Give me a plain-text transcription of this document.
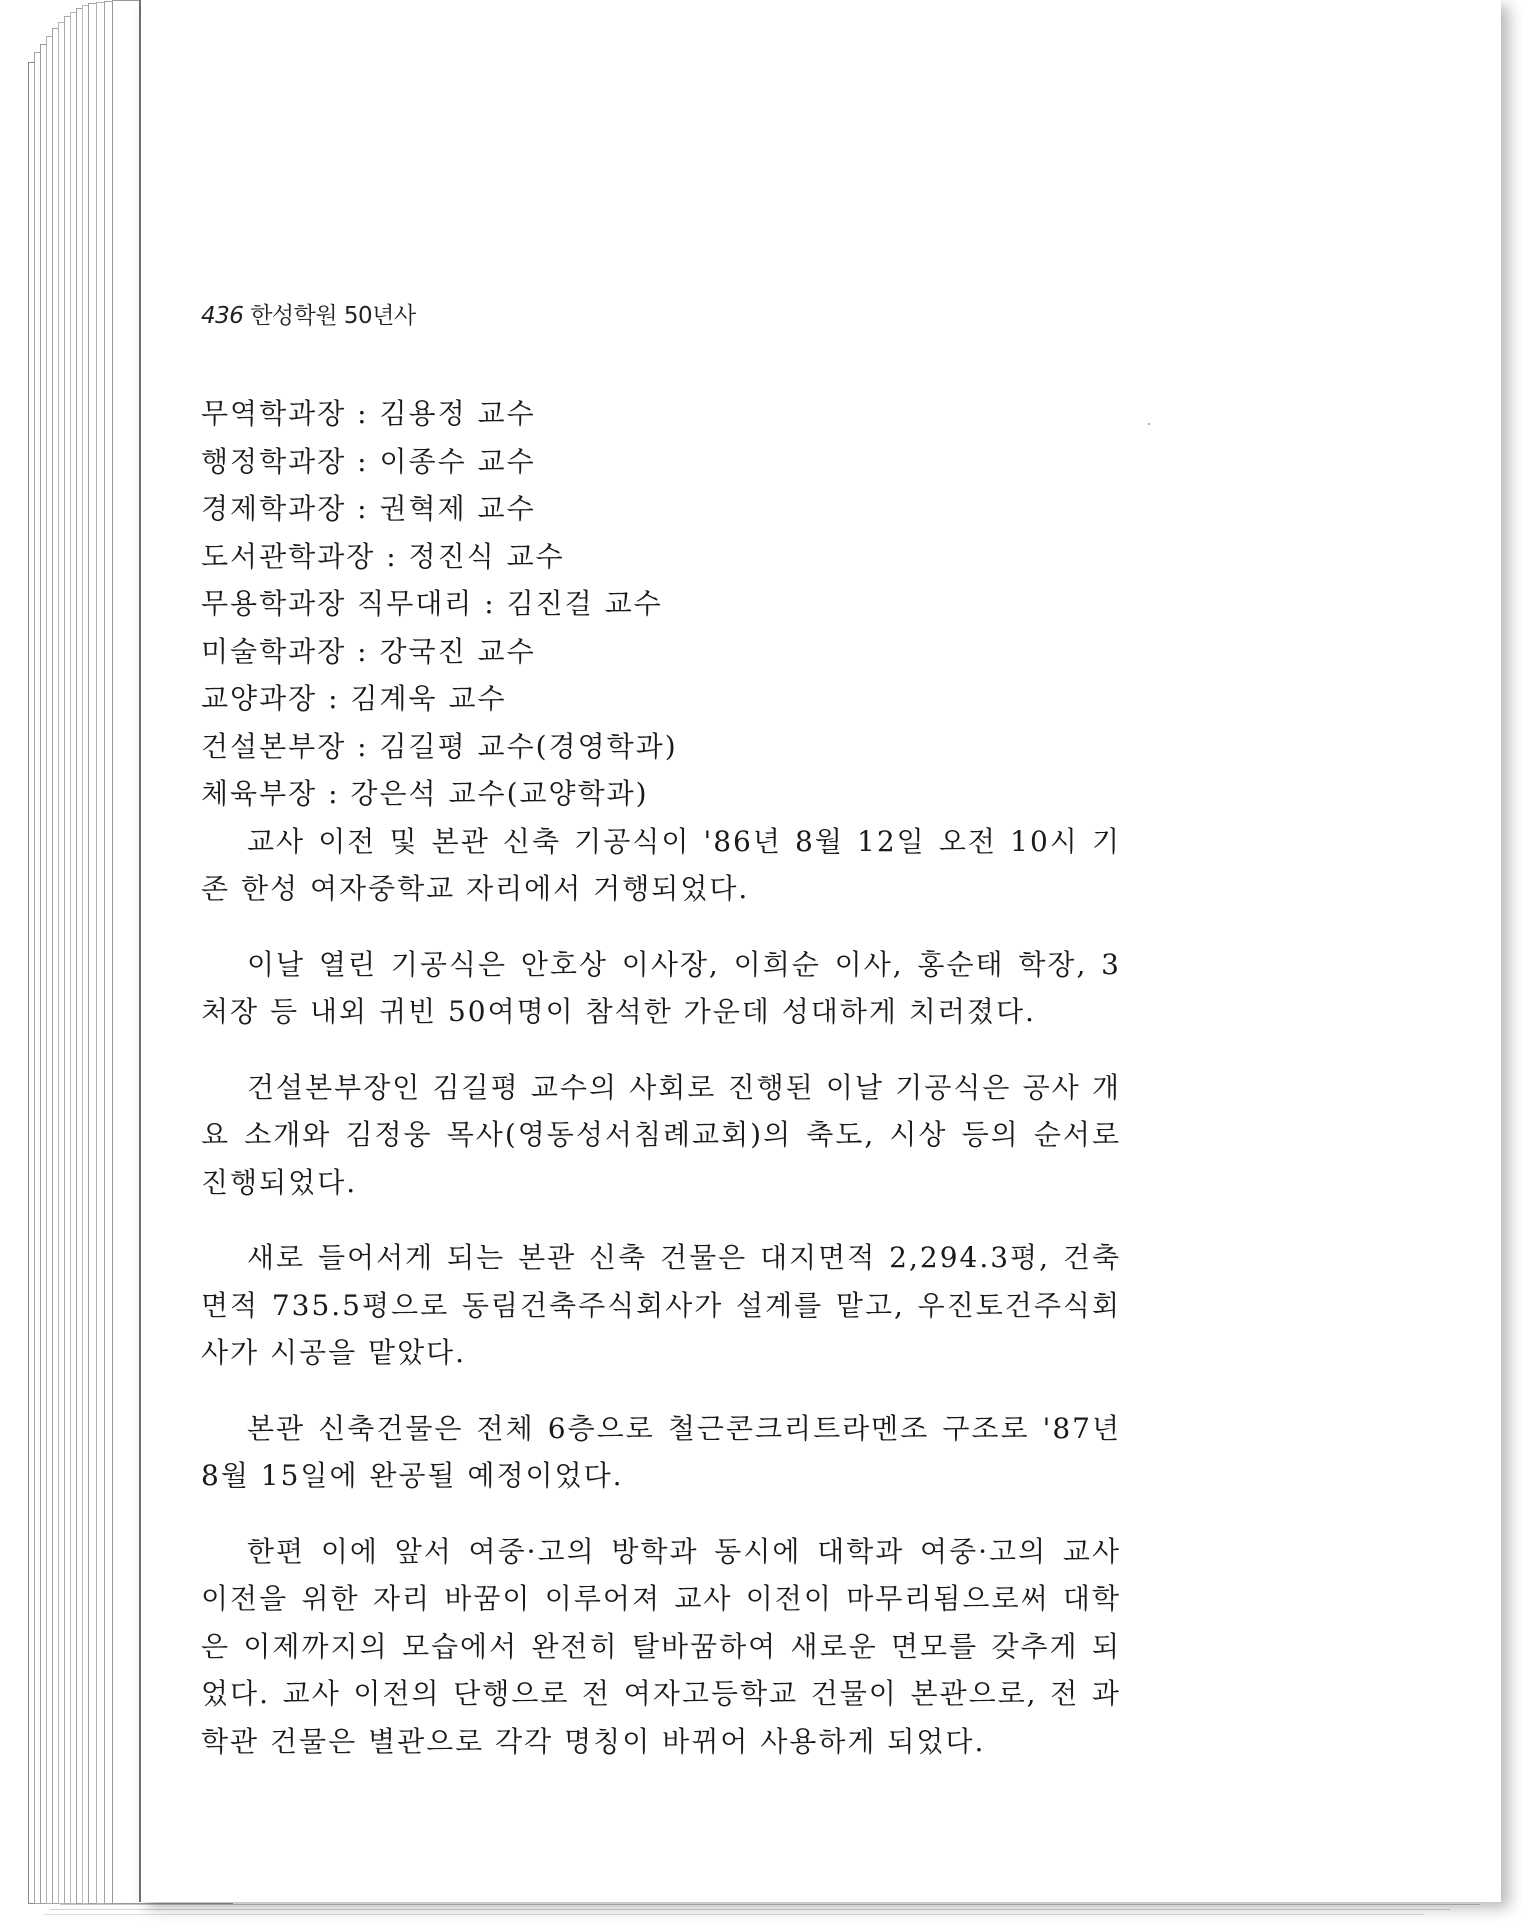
436 한성학원 50년사
무역학과장 : 김용정 교수
행정학과장 : 이종수 교수
경제학과장 : 권혁제 교수
도서관학과장 : 정진식 교수
무용학과장 직무대리 : 김진걸 교수
미술학과장 : 강국진 교수
교양과장 : 김계욱 교수
건설본부장 : 김길평 교수(경영학과)
체육부장 : 강은석 교수(교양학과)

교사 이전 및 본관 신축 기공식이 '86년 8월 12일 오전 10시 기존 한성 여자중학교 자리에서 거행되었다.

이날 열린 기공식은 안호상 이사장, 이희순 이사, 홍순태 학장, 3처장 등 내외 귀빈 50여명이 참석한 가운데 성대하게 치러졌다.

건설본부장인 김길평 교수의 사회로 진행된 이날 기공식은 공사 개요 소개와 김정웅 목사(영동성서침례교회)의 축도, 시상 등의 순서로 진행되었다.

새로 들어서게 되는 본관 신축 건물은 대지면적 2,294.3평, 건축면적 735.5평으로 동림건축주식회사가 설계를 맡고, 우진토건주식회사가 시공을 맡았다.

본관 신축건물은 전체 6층으로 철근콘크리트라멘조 구조로 '87년 8월 15일에 완공될 예정이었다.

한편 이에 앞서 여중·고의 방학과 동시에 대학과 여중·고의 교사 이전을 위한 자리 바꿈이 이루어져 교사 이전이 마무리됨으로써 대학은 이제까지의 모습에서 완전히 탈바꿈하여 새로운 면모를 갖추게 되었다. 교사 이전의 단행으로 전 여자고등학교 건물이 본관으로, 전 과학관 건물은 별관으로 각각 명칭이 바뀌어 사용하게 되었다.
